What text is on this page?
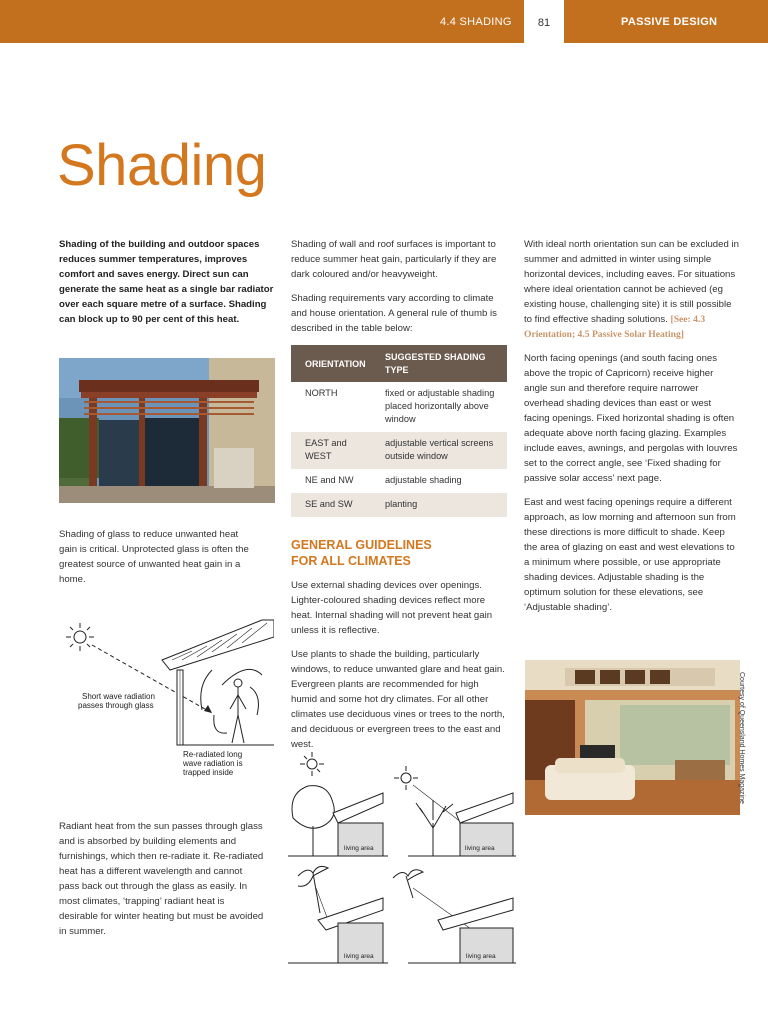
4.4 SHADING	81	PASSIVE DESIGN
Shading

Shading of the building and outdoor spaces reduces summer temperatures, improves comfort and saves energy. Direct sun can generate the same heat as a single bar radiator over each square metre of a surface. Shading can block up to 90 per cent of this heat.

Shading of glass to reduce unwanted heat gain is critical. Unprotected glass is often the greatest source of unwanted heat gain in a home.

Short wave radiation
passes through glass
Re-radiated long
wave radiation is
trapped inside

Radiant heat from the sun passes through glass and is absorbed by building elements and furnishings, which then re-radiate it. Re-radiated heat has a different wavelength and cannot pass back out through the glass as easily. In most climates, ‘trapping’ radiant heat is desirable for winter heating but must be avoided in summer.

Shading of wall and roof surfaces is important to reduce summer heat gain, particularly if they are dark coloured and/or heavyweight.

Shading requirements vary according to climate and house orientation. A general rule of thumb is described in the table below:

ORIENTATION	SUGGESTED SHADING TYPE
NORTH	fixed or adjustable shading placed horizontally above window
EAST and WEST	adjustable vertical screens outside window
NE and NW	adjustable shading
SE and SW	planting

GENERAL GUIDELINES FOR ALL CLIMATES

Use external shading devices over openings. Lighter-coloured shading devices reflect more heat. Internal shading will not prevent heat gain unless it is reflective.

Use plants to shade the building, particularly windows, to reduce unwanted glare and heat gain. Evergreen plants are recommended for high humid and some hot dry climates. For all other climates use deciduous vines or trees to the north, and deciduous or evergreen trees to the east and west.

living area	living area
living area	living area

With ideal north orientation sun can be excluded in summer and admitted in winter using simple horizontal devices, including eaves. For situations where ideal orientation cannot be achieved (eg existing house, challenging site) it is still possible to find effective shading solutions. [See: 4.3 Orientation; 4.5 Passive Solar Heating]

North facing openings (and south facing ones above the tropic of Capricorn) receive higher angle sun and therefore require narrower overhead shading devices than east or west facing openings. Fixed horizontal shading is often adequate above north facing glazing. Examples include eaves, awnings, and pergolas with louvres set to the correct angle, see ‘Fixed shading for passive solar access’ next page.

East and west facing openings require a different approach, as low morning and afternoon sun from these directions is more difficult to shade. Keep the area of glazing on east and west elevations to a minimum where possible, or use appropriate shading devices. Adjustable shading is the optimum solution for these elevations, see ‘Adjustable shading’.

Courtesy of Queensland Homes Magazine
